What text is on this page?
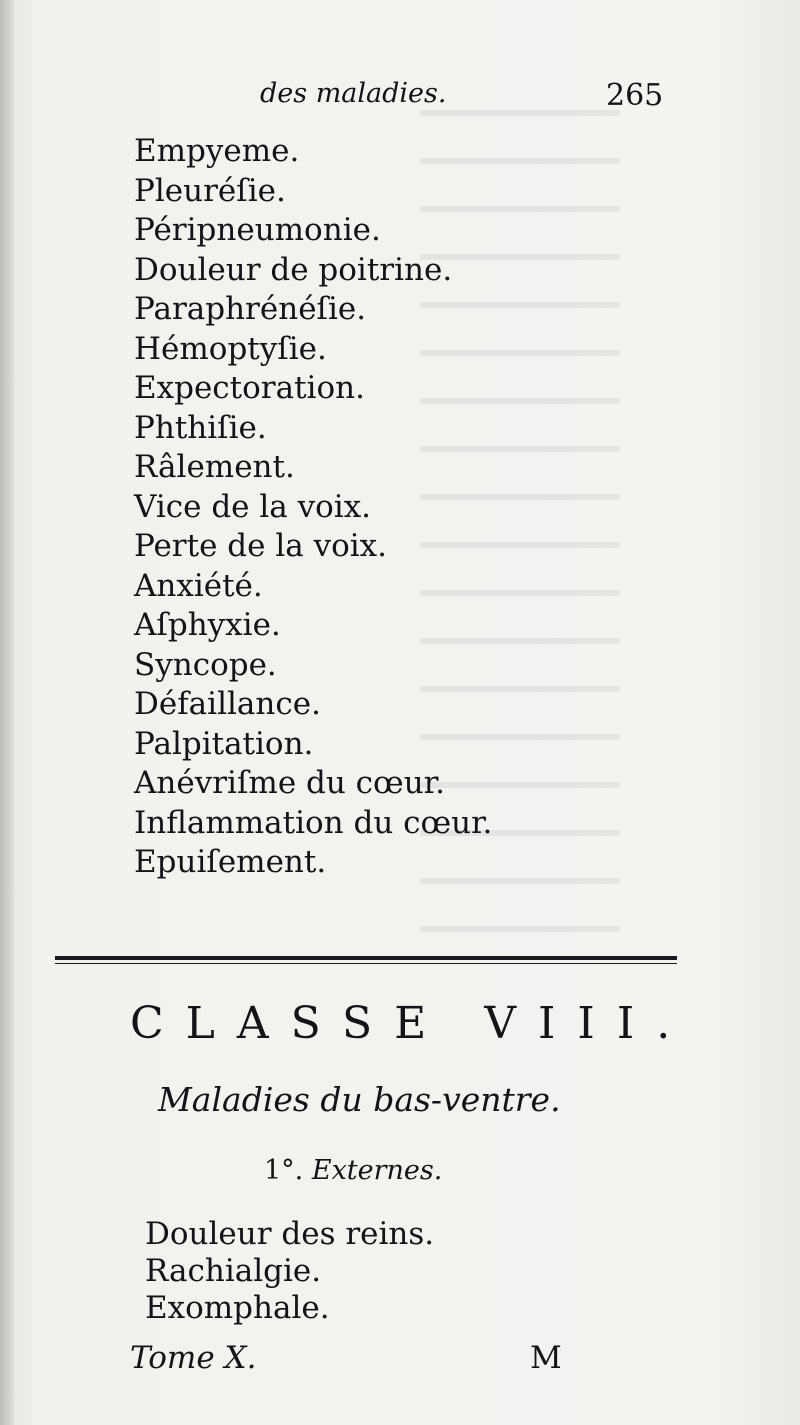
des maladies.	265
Empyeme.
Pleuréſie.
Péripneumonie.
Douleur de poitrine.
Paraphrénéſie.
Hémoptyſie.
Expectoration.
Phthiſie.
Râlement.
Vice de la voix.
Perte de la voix.
Anxiété.
Aſphyxie.
Syncope.
Défaillance.
Palpitation.
Anévriſme du cœur.
Inflammation du cœur.
Epuiſement.
CLASSE VIII.
Maladies du bas-ventre.
1°. Externes.
Douleur des reins.
Rachialgie.
Exomphale.
Tome X.	M
